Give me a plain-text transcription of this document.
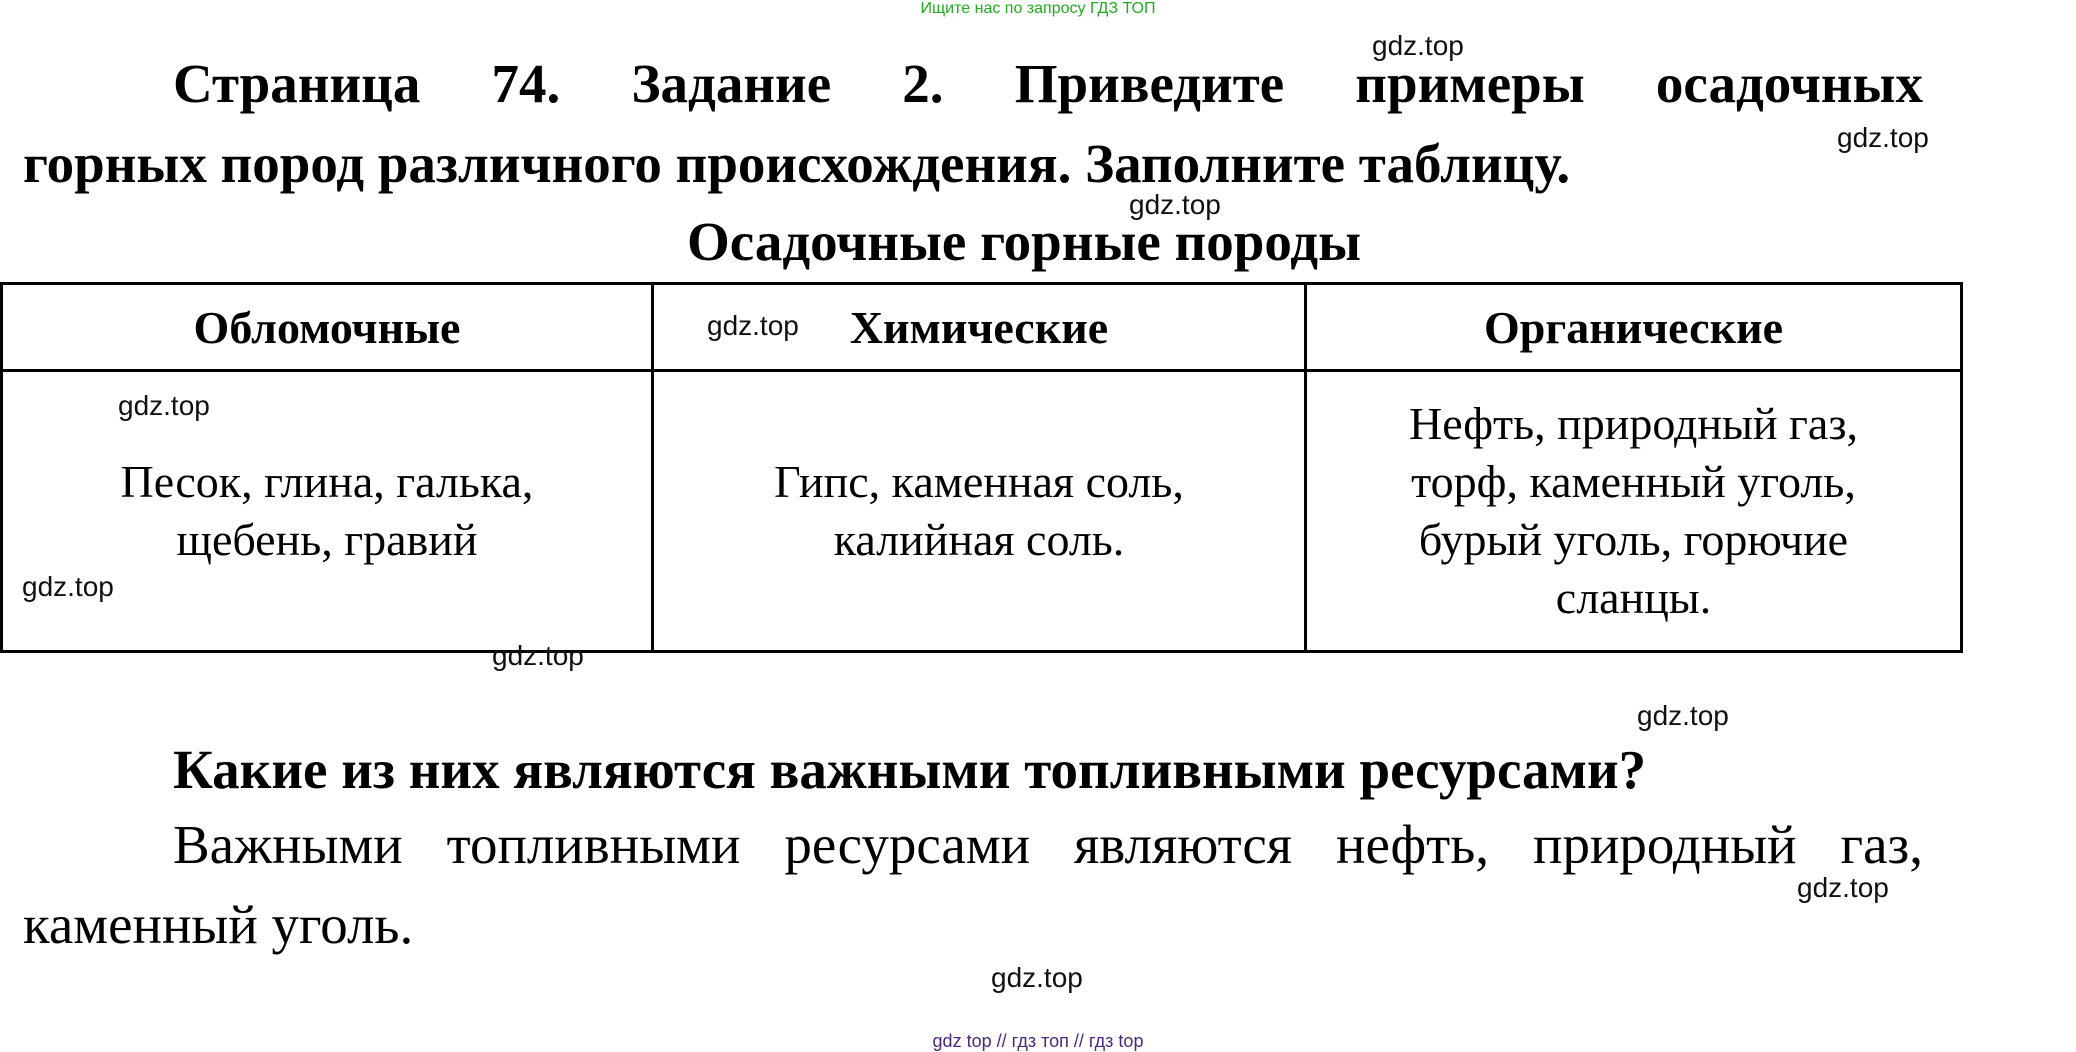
Ищите нас по запросу ГДЗ ТОП
Страница 74. Задание 2. Приведите примеры осадочных
горных пород различного происхождения. Заполните таблицу.
Осадочные горные породы
Обломочные	Химические	Органические
Песок, глина, галька, щебень, гравий	Гипс, каменная соль, калийная соль.	Нефть, природный газ, торф, каменный уголь, бурый уголь, горючие сланцы.
Какие из них являются важными топливными ресурсами?
Важными топливными ресурсами являются нефть, природный газ,
каменный уголь.
gdz.top
gdz.top
gdz.top
gdz.top
gdz.top
gdz.top
gdz.top
gdz.top
gdz.top
gdz.top
gdz top // гдз топ // гдз top
